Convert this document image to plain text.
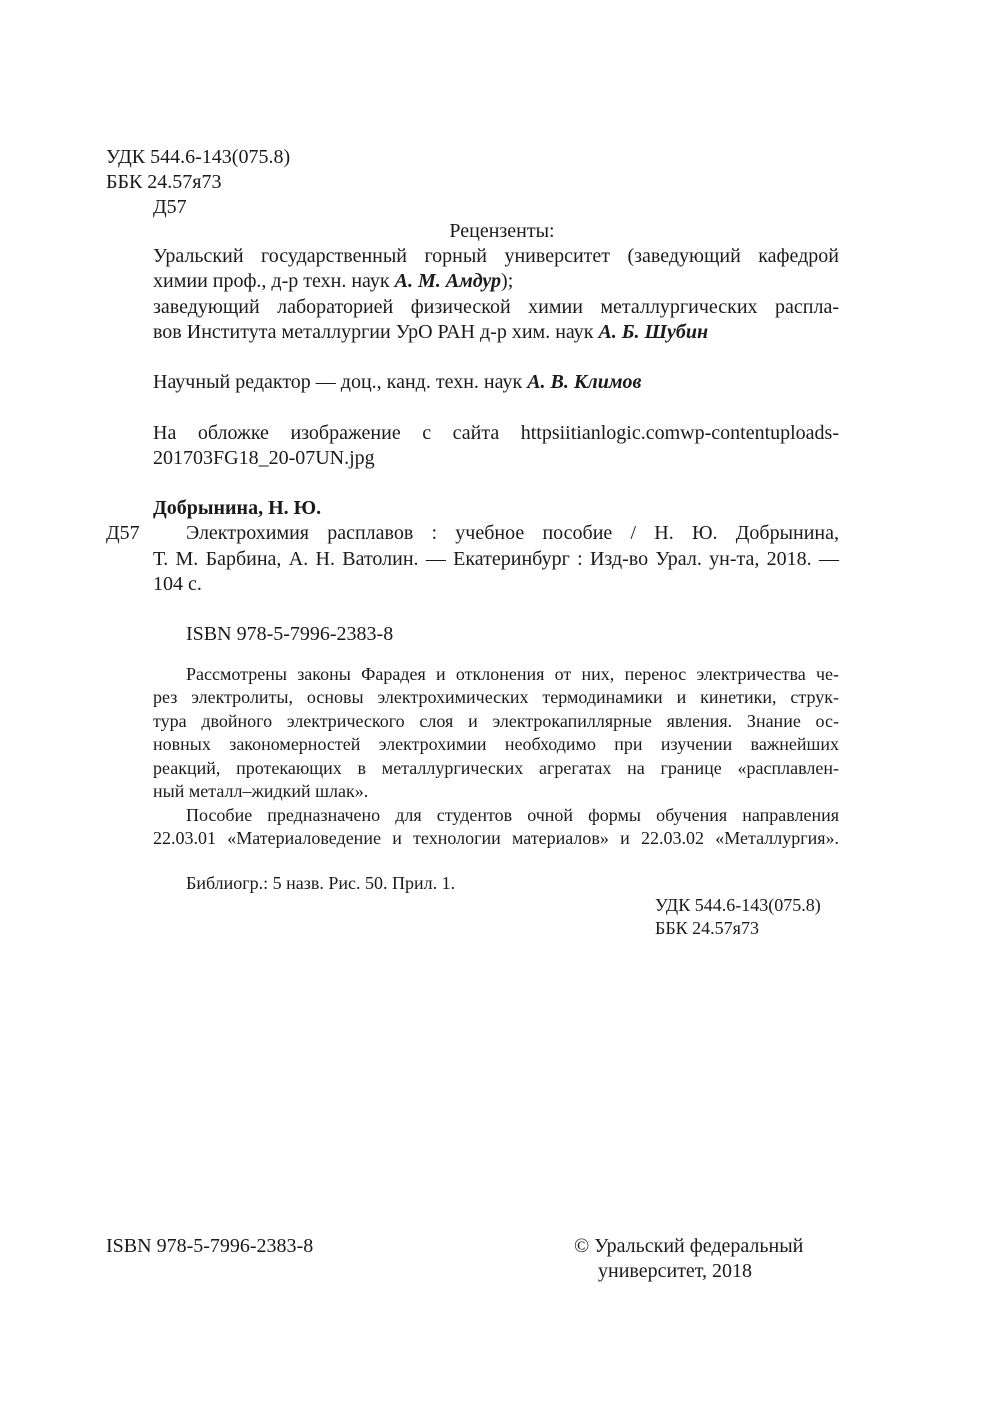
УДК 544.6-143(075.8)
ББК 24.57я73
Д57
Рецензенты:
Уральский государственный горный университет (заведующий кафедрой
химии проф., д-р техн. наук А. М. Амдур);
заведующий лабораторией физической химии металлургических распла-
вов Института металлургии УрО РАН д-р хим. наук А. Б. Шубин
Научный редактор — доц., канд. техн. наук А. В. Климов
На обложке изображение с сайта httpsiitianlogic.comwp-contentuploads-
201703FG18_20-07UN.jpg
Добрынина, Н. Ю.
Д57 Электрохимия расплавов : учебное пособие / Н. Ю. Добрынина,
Т. М. Барбина, А. Н. Ватолин. — Екатеринбург : Изд-во Урал. ун-та, 2018. —
104 с.
ISBN 978-5-7996-2383-8
Рассмотрены законы Фарадея и отклонения от них, перенос электричества че-
рез электролиты, основы электрохимических термодинамики и кинетики, струк-
тура двойного электрического слоя и электрокапиллярные явления. Знание ос-
новных закономерностей электрохимии необходимо при изучении важнейших
реакций, протекающих в металлургических агрегатах на границе «расплавлен-
ный металл–жидкий шлак».
Пособие предназначено для студентов очной формы обучения направления
22.03.01 «Материаловедение и технологии материалов» и 22.03.02 «Металлургия».
Библиогр.: 5 назв. Рис. 50. Прил. 1.
УДК 544.6-143(075.8)
ББК 24.57я73
ISBN 978-5-7996-2383-8	© Уральский федеральный
университет, 2018
